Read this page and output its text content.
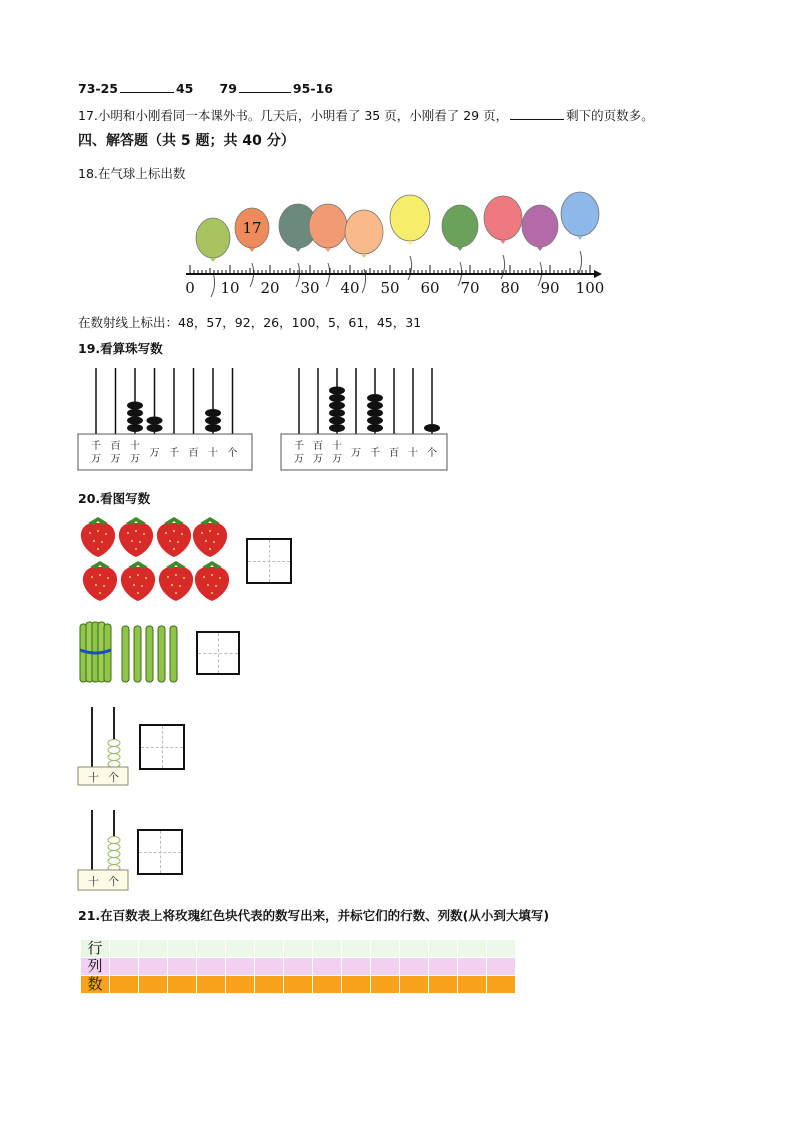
73-25	45 79	95-16
17.小明和小刚看同一本课外书。几天后，小明看了 35 页，小刚看了 29 页，	剩下的页数多。
四、解答题（共 5 题；共 40 分）
18.在气球上标出数
17
0 10 20 30 40 50 60 70 80 90 100
在数射线上标出：48，57，92，26，100，5，61，45，31
19.看算珠写数
千
万
百
万
十
万
万 千 百 十 个
千
万
百
万
十
万
万 千 百 十 个
20.看图写数
十 个
十 个
21.在百数表上将玫瑰红色块代表的数写出来，并标它们的行数、列数(从小到大填写)
行														
列														
数														
